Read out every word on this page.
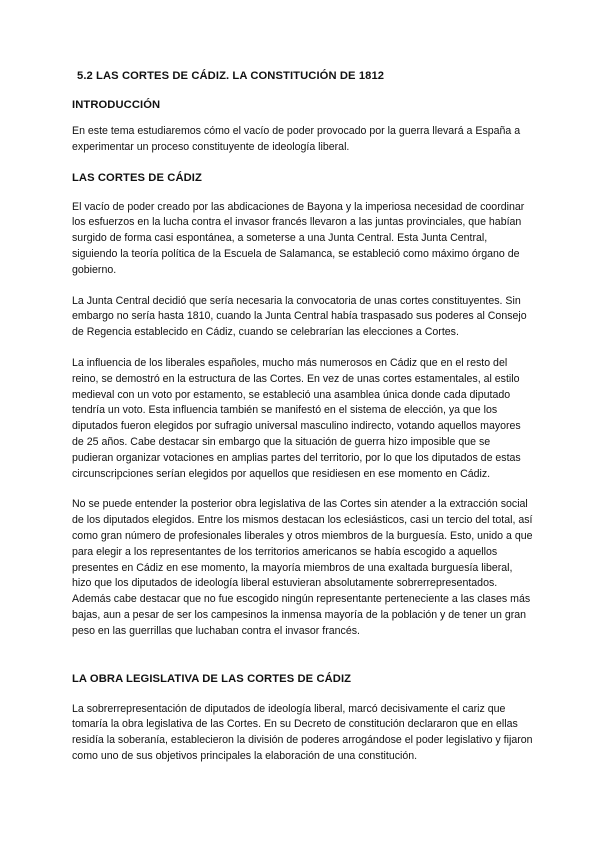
5.2 LAS CORTES DE CÁDIZ. LA CONSTITUCIÓN DE 1812
INTRODUCCIÓN

En este tema estudiaremos cómo el vacío de poder provocado por la guerra llevará a España a experimentar un proceso constituyente de ideología liberal.

LAS CORTES DE CÁDIZ

El vacío de poder creado por las abdicaciones de Bayona y la imperiosa necesidad de coordinar los esfuerzos en la lucha contra el invasor francés llevaron a las juntas provinciales, que habían surgido de forma casi espontánea, a someterse a una Junta Central. Esta Junta Central, siguiendo la teoría política de la Escuela de Salamanca, se estableció como máximo órgano de gobierno.

La Junta Central decidió que sería necesaria la convocatoria de unas cortes constituyentes. Sin embargo no sería hasta 1810, cuando la Junta Central había traspasado sus poderes al Consejo de Regencia establecido en Cádiz, cuando se celebrarían las elecciones a Cortes.

La influencia de los liberales españoles, mucho más numerosos en Cádiz que en el resto del reino, se demostró en la estructura de las Cortes. En vez de unas cortes estamentales, al estilo medieval con un voto por estamento, se estableció una asamblea única donde cada diputado tendría un voto. Esta influencia también se manifestó en el sistema de elección, ya que los diputados fueron elegidos por sufragio universal masculino indirecto, votando aquellos mayores de 25 años. Cabe destacar sin embargo que la situación de guerra hizo imposible que se pudieran organizar votaciones en amplias partes del territorio, por lo que los diputados de estas circunscripciones serían elegidos por aquellos que residiesen en ese momento en Cádiz.

No se puede entender la posterior obra legislativa de las Cortes sin atender a la extracción social de los diputados elegidos. Entre los mismos destacan los eclesiásticos, casi un tercio del total, así como gran número de profesionales liberales y otros miembros de la burguesía. Esto, unido a que para elegir a los representantes de los territorios americanos se había escogido a aquellos presentes en Cádiz en ese momento, la mayoría miembros de una exaltada burguesía liberal, hizo que los diputados de ideología liberal estuvieran absolutamente sobrerrepresentados. Además cabe destacar que no fue escogido ningún representante perteneciente a las clases más bajas, aun a pesar de ser los campesinos la inmensa mayoría de la población y de tener un gran peso en las guerrillas que luchaban contra el invasor francés.

LA OBRA LEGISLATIVA DE LAS CORTES DE CÁDIZ

La sobrerrepresentación de diputados de ideología liberal, marcó decisivamente el cariz que tomaría la obra legislativa de las Cortes. En su Decreto de constitución declararon que en ellas residía la soberanía, establecieron la división de poderes arrogándose el poder legislativo y fijaron como uno de sus objetivos principales la elaboración de una constitución.
